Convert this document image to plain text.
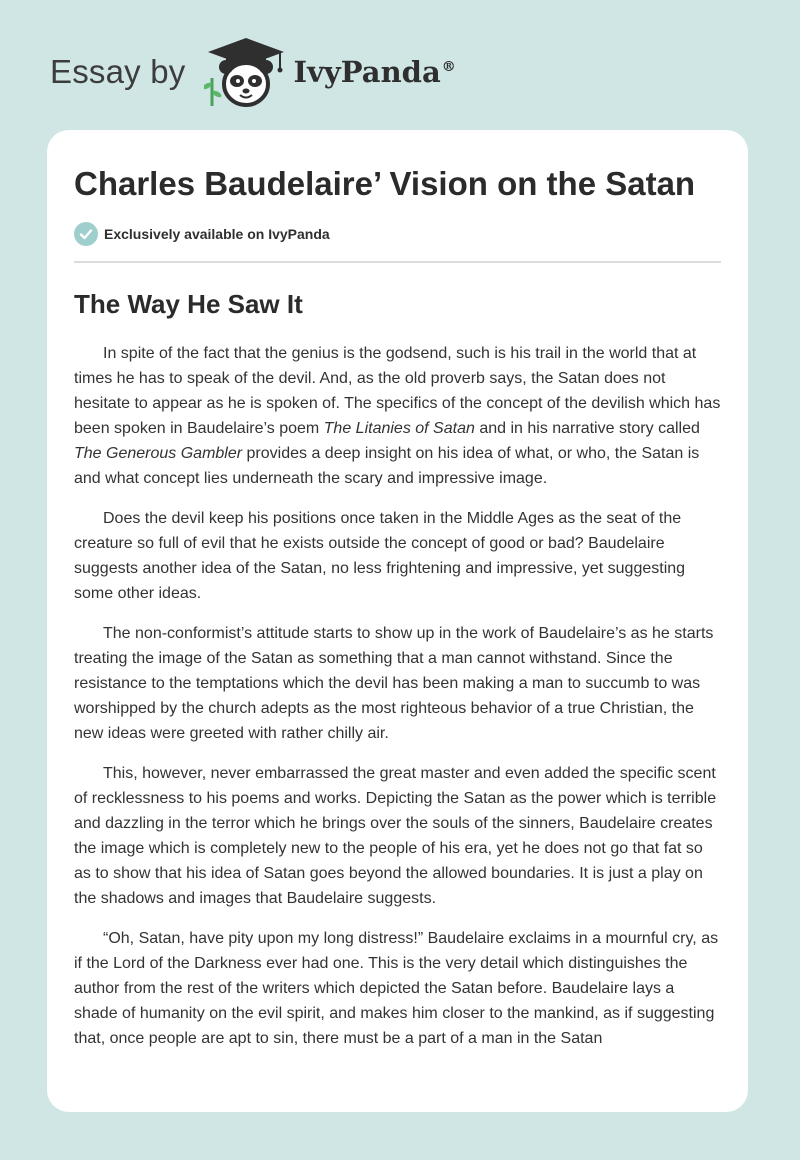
Essay by	IvyPanda®
Charles Baudelaire’ Vision on the Satan
Exclusively available on IvyPanda
The Way He Saw It

In spite of the fact that the genius is the godsend, such is his trail in the world that at times he has to speak of the devil. And, as the old proverb says, the Satan does not hesitate to appear as he is spoken of. The specifics of the concept of the devilish which has been spoken in Baudelaire’s poem The Litanies of Satan and in his narrative story called The Generous Gambler provides a deep insight on his idea of what, or who, the Satan is and what concept lies underneath the scary and impressive image.

Does the devil keep his positions once taken in the Middle Ages as the seat of the creature so full of evil that he exists outside the concept of good or bad? Baudelaire suggests another idea of the Satan, no less frightening and impressive, yet suggesting some other ideas.

The non-conformist’s attitude starts to show up in the work of Baudelaire’s as he starts treating the image of the Satan as something that a man cannot withstand. Since the resistance to the temptations which the devil has been making a man to succumb to was worshipped by the church adepts as the most righteous behavior of a true Christian, the new ideas were greeted with rather chilly air.

This, however, never embarrassed the great master and even added the specific scent of recklessness to his poems and works. Depicting the Satan as the power which is terrible and dazzling in the terror which he brings over the souls of the sinners, Baudelaire creates the image which is completely new to the people of his era, yet he does not go that fat so as to show that his idea of Satan goes beyond the allowed boundaries. It is just a play on the shadows and images that Baudelaire suggests.

“Oh, Satan, have pity upon my long distress!” Baudelaire exclaims in a mournful cry, as if the Lord of the Darkness ever had one. This is the very detail which distinguishes the author from the rest of the writers which depicted the Satan before. Baudelaire lays a shade of humanity on the evil spirit, and makes him closer to the mankind, as if suggesting that, once people are apt to sin, there must be a part of a man in the Satan
